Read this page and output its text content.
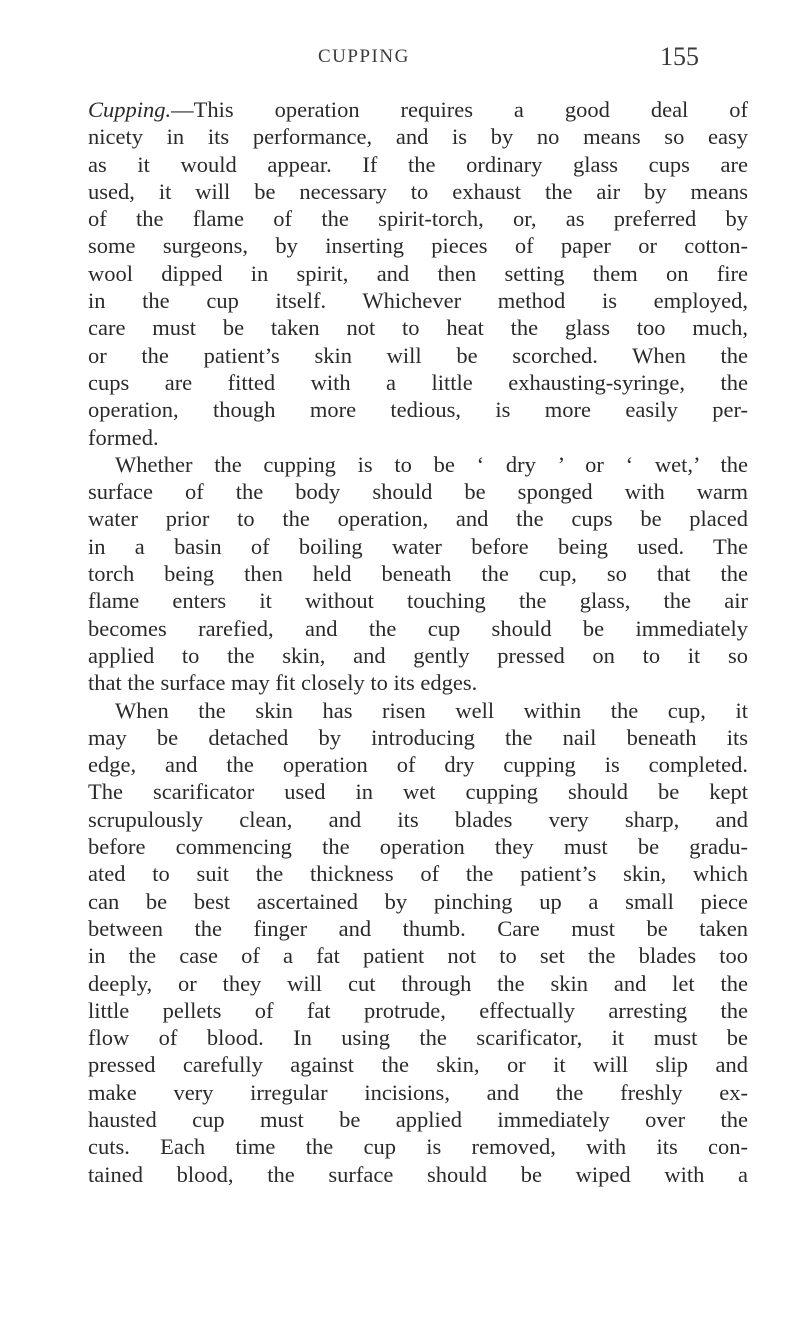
CUPPING	155
Cupping.—This operation requires a good deal of
nicety in its performance, and is by no means so easy
as it would appear. If the ordinary glass cups are
used, it will be necessary to exhaust the air by means
of the flame of the spirit-torch, or, as preferred by
some surgeons, by inserting pieces of paper or cotton-
wool dipped in spirit, and then setting them on fire
in the cup itself. Whichever method is employed,
care must be taken not to heat the glass too much,
or the patient’s skin will be scorched. When the
cups are fitted with a little exhausting-syringe, the
operation, though more tedious, is more easily per-
formed.
Whether the cupping is to be ‘ dry ’ or ‘ wet,’ the
surface of the body should be sponged with warm
water prior to the operation, and the cups be placed
in a basin of boiling water before being used. The
torch being then held beneath the cup, so that the
flame enters it without touching the glass, the air
becomes rarefied, and the cup should be immediately
applied to the skin, and gently pressed on to it so
that the surface may fit closely to its edges.
When the skin has risen well within the cup, it
may be detached by introducing the nail beneath its
edge, and the operation of dry cupping is completed.
The scarificator used in wet cupping should be kept
scrupulously clean, and its blades very sharp, and
before commencing the operation they must be gradu-
ated to suit the thickness of the patient’s skin, which
can be best ascertained by pinching up a small piece
between the finger and thumb. Care must be taken
in the case of a fat patient not to set the blades too
deeply, or they will cut through the skin and let the
little pellets of fat protrude, effectually arresting the
flow of blood. In using the scarificator, it must be
pressed carefully against the skin, or it will slip and
make very irregular incisions, and the freshly ex-
hausted cup must be applied immediately over the
cuts. Each time the cup is removed, with its con-
tained blood, the surface should be wiped with a
